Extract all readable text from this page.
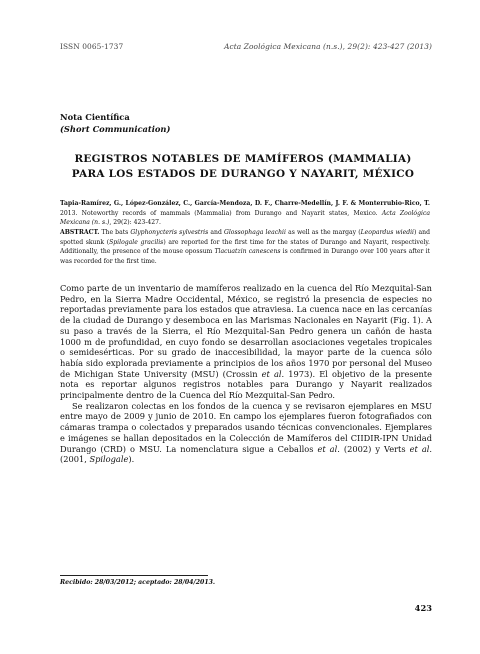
ISSN 0065-1737	Acta Zoológica Mexicana (n.s.), 29(2): 423-427 (2013)
Nota Científica
(Short Communication)
REGISTROS NOTABLES DE MAMÍFEROS (MAMMALIA)
PARA LOS ESTADOS DE DURANGO Y NAYARIT, MÉXICO
Tapia-Ramírez, G., López-González, C., García-Mendoza, D. F., Charre-Medellín, J. F. & Monterrubio-Rico, T. 2013. Noteworthy records of mammals (Mammalia) from Durango and Nayarit states, Mexico. Acta Zoológica Mexicana (n. s.), 29(2): 423-427.
ABSTRACT. The bats Glyphonycteris sylvestris and Glossophaga leachii as well as the margay (Leopardus wiedii) and spotted skunk (Spilogale gracilis) are reported for the first time for the states of Durango and Nayarit, respectively. Additionally, the presence of the mouse opossum Tlacuatzin canescens is confirmed in Durango over 100 years after it was recorded for the first time.

Como parte de un inventario de mamíferos realizado en la cuenca del Río Mezquital-San Pedro, en la Sierra Madre Occidental, México, se registró la presencia de especies no reportadas previamente para los estados que atraviesa. La cuenca nace en las cercanías de la ciudad de Durango y desemboca en las Marismas Nacionales en Nayarit (Fig. 1). A su paso a través de la Sierra, el Río Mezquital-San Pedro genera un cañón de hasta 1000 m de profundidad, en cuyo fondo se desarrollan asociaciones vegetales tropicales o semidesérticas. Por su grado de inaccesibilidad, la mayor parte de la cuenca sólo había sido explorada previamente a principios de los años 1970 por personal del Museo de Michigan State University (MSU) (Crossin et al. 1973). El objetivo de la presente nota es reportar algunos registros notables para Durango y Nayarit realizados principalmente dentro de la Cuenca del Río Mezquital-San Pedro.

Se realizaron colectas en los fondos de la cuenca y se revisaron ejemplares en MSU entre mayo de 2009 y junio de 2010. En campo los ejemplares fueron fotografiados con cámaras trampa o colectados y preparados usando técnicas convencionales. Ejemplares e imágenes se hallan depositados en la Colección de Mamíferos del CIIDIR-IPN Unidad Durango (CRD) o MSU. La nomenclatura sigue a Ceballos et al. (2002) y Verts et al. (2001, Spilogale).

Recibido: 28/03/2012; aceptado: 28/04/2013.
423
